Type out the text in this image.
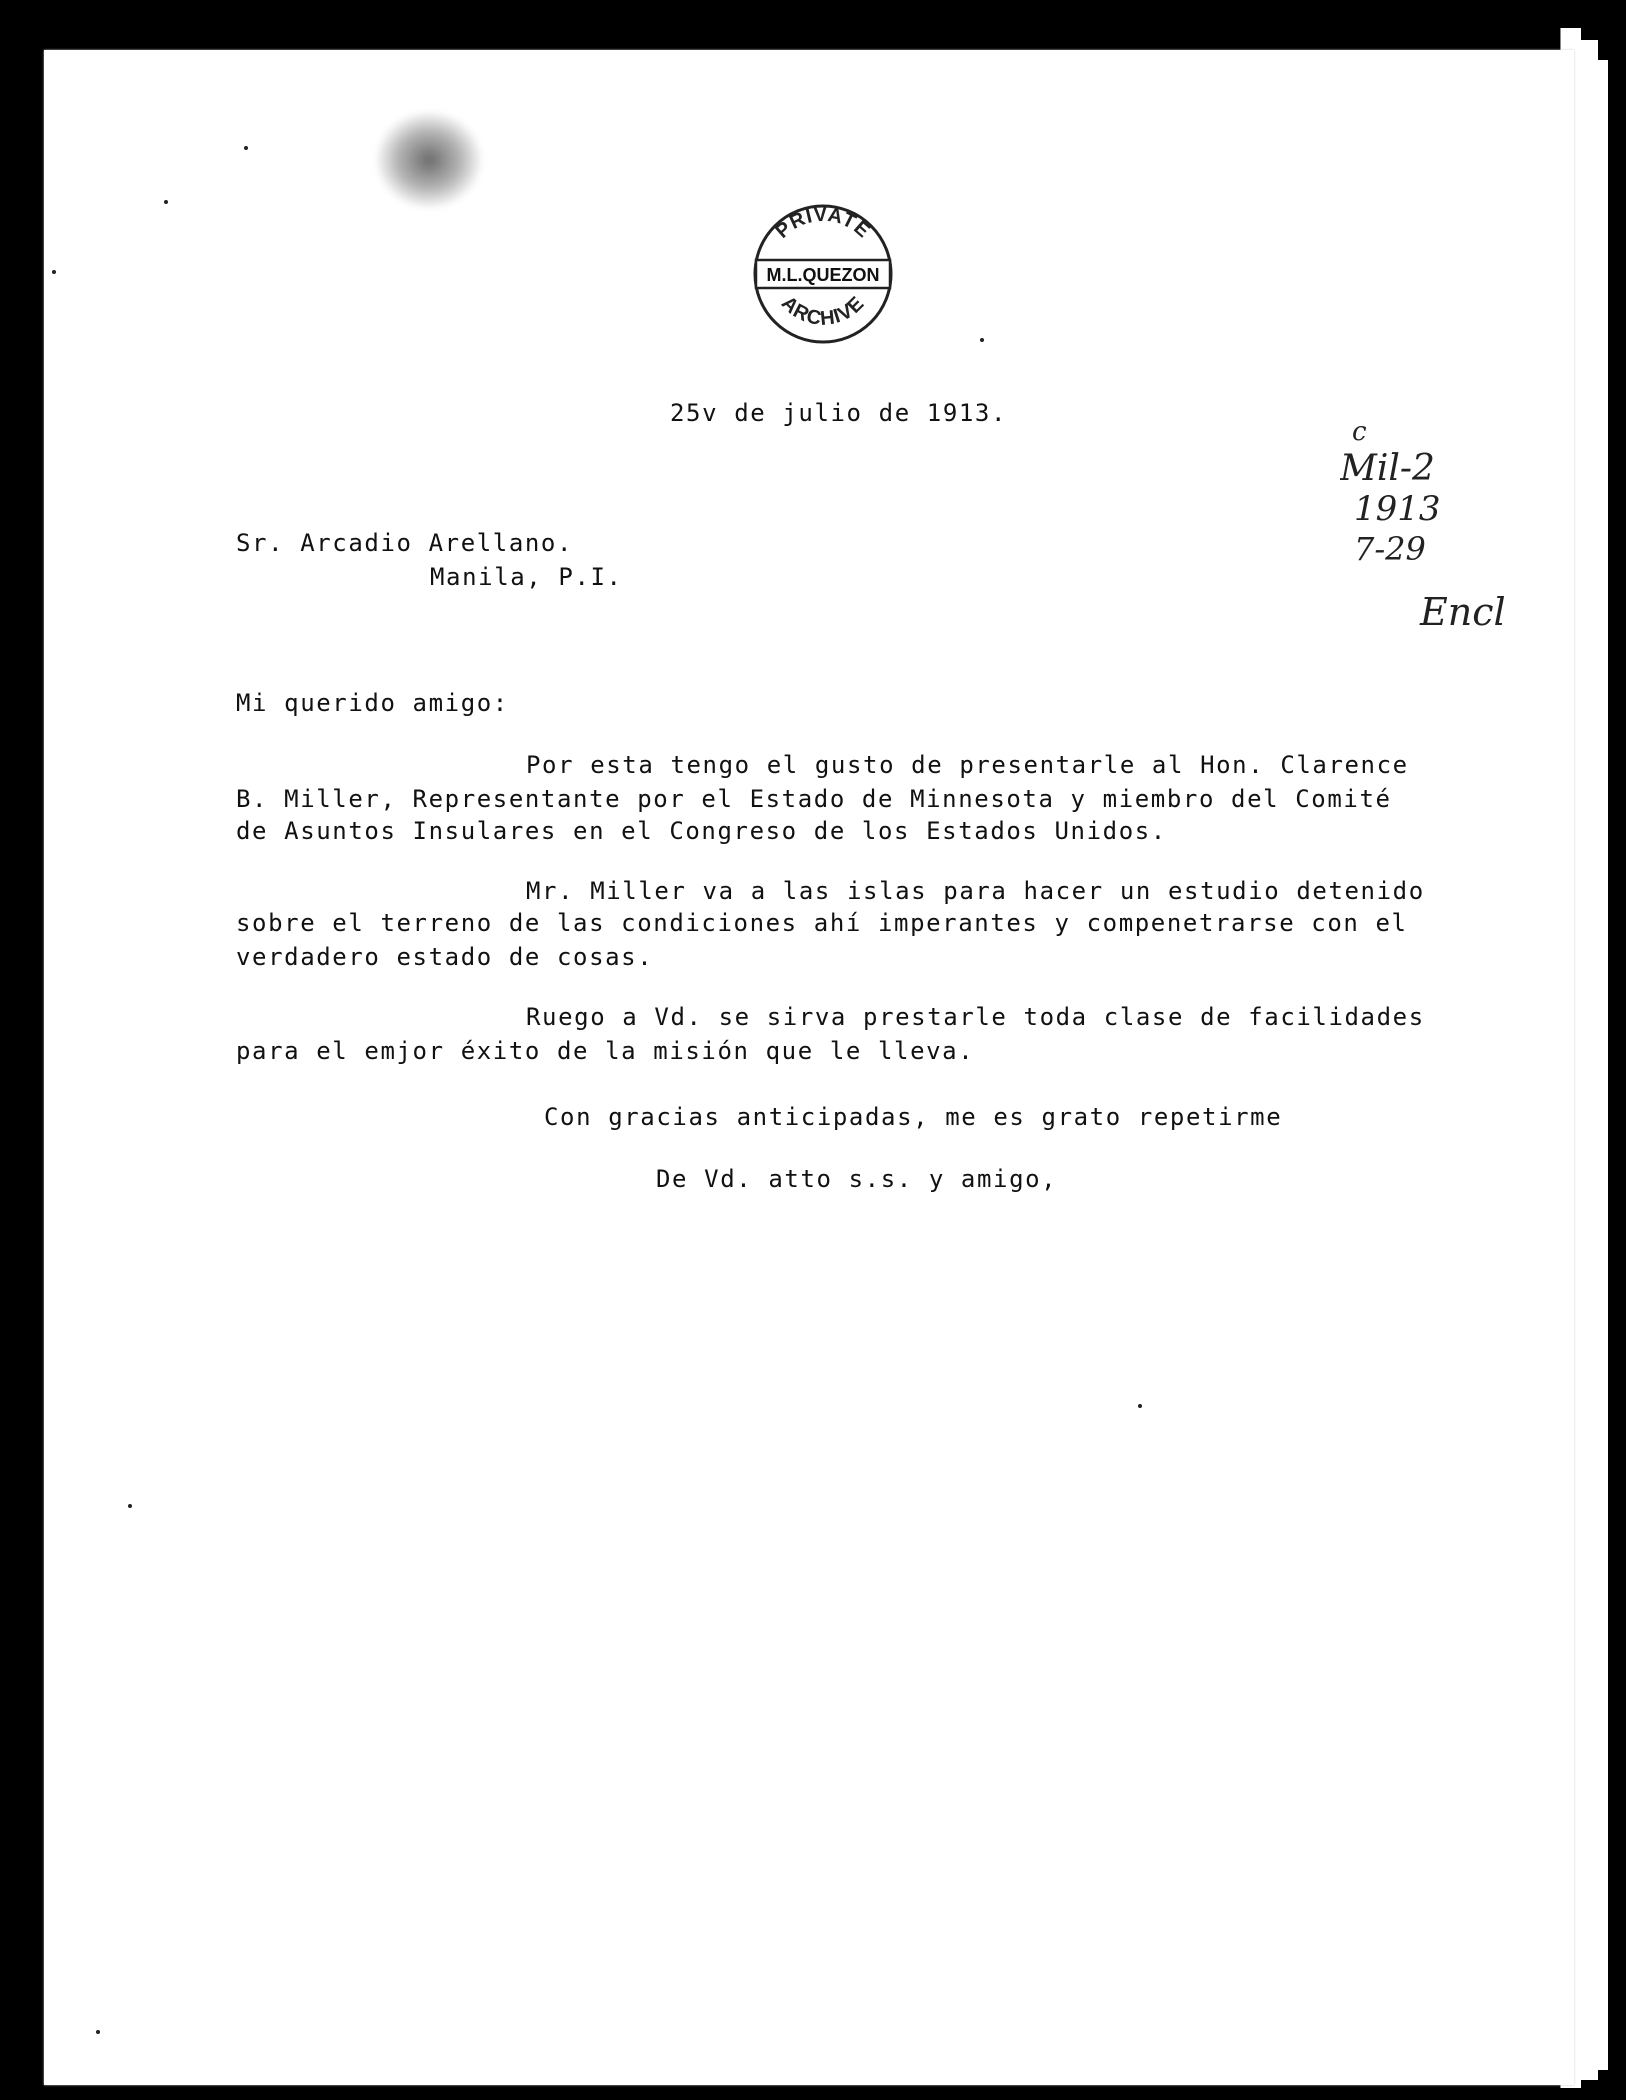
PRIVATE
M.L.QUEZON
ARCHIVE
c
Mil-2
1913
7-29
Encl
25v de julio de 1913.
Sr. Arcadio Arellano.
Manila, P.I.
Mi querido amigo:
Por esta tengo el gusto de presentarle al Hon. Clarence
B. Miller, Representante por el Estado de Minnesota y miembro del Comité
de Asuntos Insulares en el Congreso de los Estados Unidos.
Mr. Miller va a las islas para hacer un estudio detenido
sobre el terreno de las condiciones ahí imperantes y compenetrarse con el
verdadero estado de cosas.
Ruego a Vd. se sirva prestarle toda clase de facilidades
para el emjor éxito de la misión que le lleva.
Con gracias anticipadas, me es grato repetirme
De Vd. atto s.s. y amigo,
